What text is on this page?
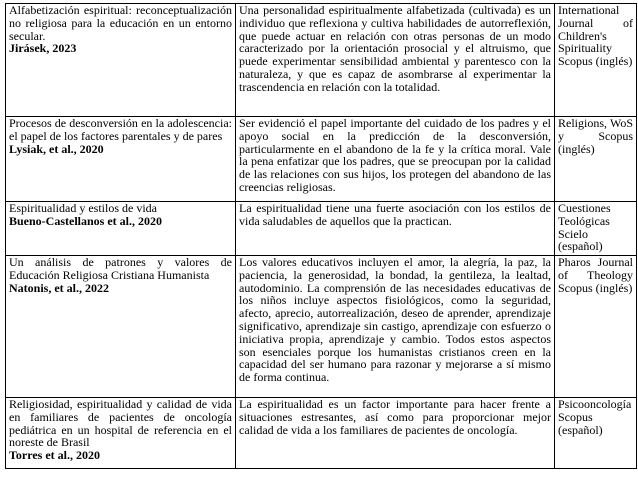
Alfabetización espiritual: reconceptualización no religiosa para la educación en un entorno secular.
Jirásek, 2023	Una personalidad espiritualmente alfabetizada (cultivada) es un individuo que reflexiona y cultiva habilidades de autorreflexión, que puede actuar en relación con otras personas de un modo caracterizado por la orientación prosocial y el altruismo, que puede experimentar sensibilidad ambiental y parentesco con la naturaleza, y que es capaz de asombrarse al experimentar la trascendencia en relación con la totalidad.	International Journal of Children's Spirituality Scopus (inglés)

Procesos de desconversión en la adolescencia: el papel de los factores parentales y de pares
Lysiak, et al., 2020	Ser evidenció el papel importante del cuidado de los padres y el apoyo social en la predicción de la desconversión, particularmente en el abandono de la fe y la crítica moral. Vale la pena enfatizar que los padres, que se preocupan por la calidad de las relaciones con sus hijos, los protegen del abandono de las creencias religiosas.	Religions, WoS y Scopus (inglés)

Espiritualidad y estilos de vida
Bueno-Castellanos et al., 2020	La espiritualidad tiene una fuerte asociación con los estilos de vida saludables de aquellos que la practican.	Cuestiones Teológicas Scielo (español)

Un análisis de patrones y valores de Educación Religiosa Cristiana Humanista
Natonis, et al., 2022	Los valores educativos incluyen el amor, la alegría, la paz, la paciencia, la generosidad, la bondad, la gentileza, la lealtad, autodominio. La comprensión de las necesidades educativas de los niños incluye aspectos fisiológicos, como la seguridad, afecto, aprecio, autorrealización, deseo de aprender, aprendizaje significativo, aprendizaje sin castigo, aprendizaje con esfuerzo o iniciativa propia, aprendizaje y cambio. Todos estos aspectos son esenciales porque los humanistas cristianos creen en la capacidad del ser humano para razonar y mejorarse a sí mismo de forma continua.	Pharos Journal of Theology Scopus (inglés)

Religiosidad, espiritualidad y calidad de vida en familiares de pacientes de oncología pediátrica en un hospital de referencia en el noreste de Brasil
Torres et al., 2020	La espiritualidad es un factor importante para hacer frente a situaciones estresantes, así como para proporcionar mejor calidad de vida a los familiares de pacientes de oncología.	Psicooncología Scopus (español)
